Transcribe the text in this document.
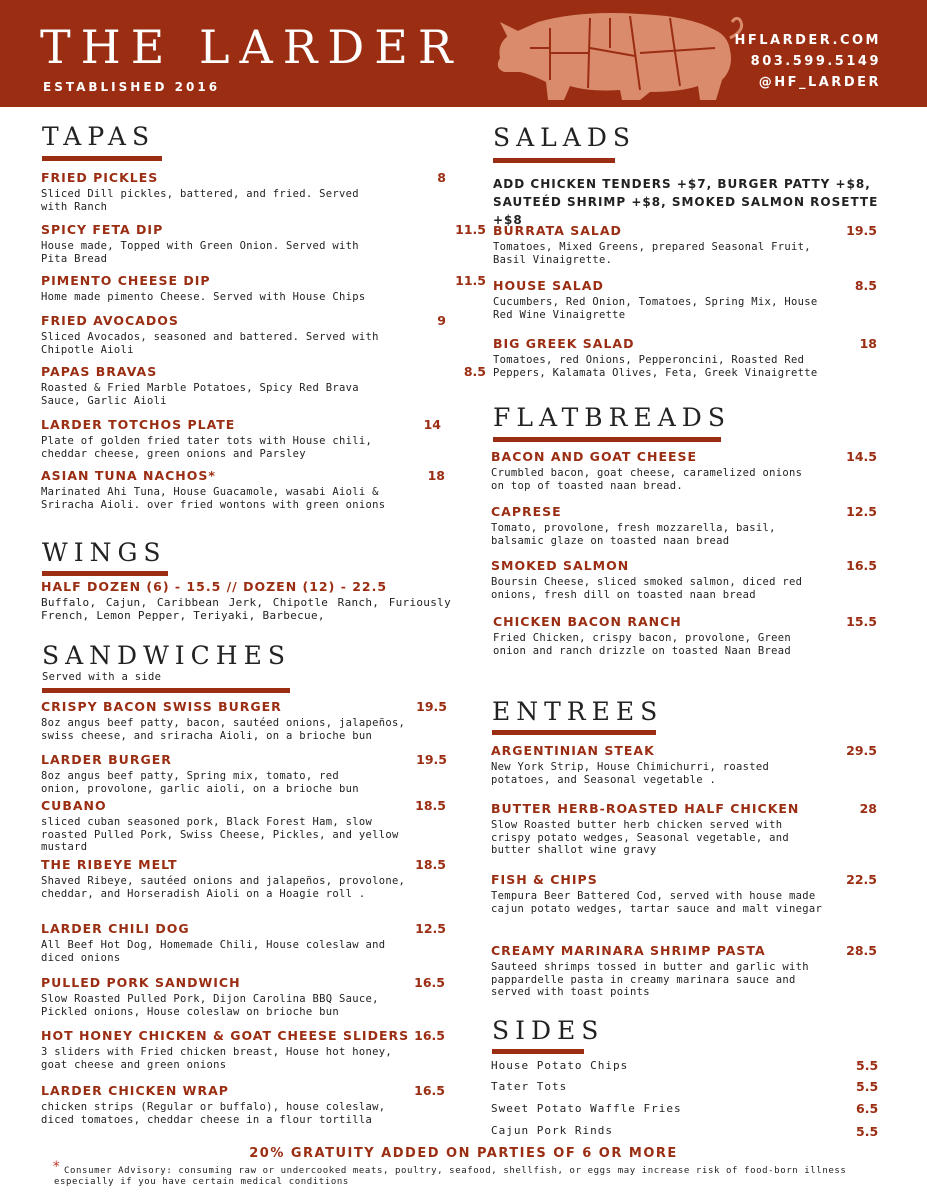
THE LARDER
ESTABLISHED 2016
HFLARDER.COM
803.599.5149
@HF_LARDER
TAPAS
FRIED PICKLES	8
Sliced Dill pickles, battered, and fried. Served with Ranch
SPICY FETA DIP	11.5
House made, Topped with Green Onion. Served with Pita Bread
PIMENTO CHEESE DIP	11.5
Home made pimento Cheese. Served with House Chips
FRIED AVOCADOS	9
Sliced Avocados, seasoned and battered. Served with Chipotle Aioli
PAPAS BRAVAS	8.5
Roasted & Fried Marble Potatoes, Spicy Red Brava Sauce, Garlic Aioli
LARDER TOTCHOS PLATE	14
Plate of golden fried tater tots with House chili, cheddar cheese, green onions and Parsley
ASIAN TUNA NACHOS*	18
Marinated Ahi Tuna, House Guacamole, wasabi Aioli & Sriracha Aioli. over fried wontons with green onions
WINGS
HALF DOZEN (6) - 15.5 // DOZEN (12) - 22.5
Buffalo, Cajun, Caribbean Jerk, Chipotle Ranch, Furiously French, Lemon Pepper, Teriyaki, Barbecue,
SANDWICHES
Served with a side
CRISPY BACON SWISS BURGER	19.5
8oz angus beef patty, bacon, sautéed onions, jalapeños, swiss cheese, and sriracha Aioli, on a brioche bun
LARDER BURGER	19.5
8oz angus beef patty, Spring mix, tomato, red onion, provolone, garlic aioli, on a brioche bun
CUBANO	18.5
sliced cuban seasoned pork, Black Forest Ham, slow roasted Pulled Pork, Swiss Cheese, Pickles, and yellow mustard
THE RIBEYE MELT	18.5
Shaved Ribeye, sautéed onions and jalapeños, provolone, cheddar, and Horseradish Aioli on a Hoagie roll .
LARDER CHILI DOG	12.5
All Beef Hot Dog, Homemade Chili, House coleslaw and diced onions
PULLED PORK SANDWICH	16.5
Slow Roasted Pulled Pork, Dijon Carolina BBQ Sauce, Pickled onions, House coleslaw on brioche bun
HOT HONEY CHICKEN & GOAT CHEESE SLIDERS 16.5
3 sliders with Fried chicken breast, House hot honey, goat cheese and green onions
LARDER CHICKEN WRAP	16.5
chicken strips (Regular or buffalo), house coleslaw, diced tomatoes, cheddar cheese in a flour tortilla
SALADS
ADD CHICKEN TENDERS +$7, BURGER PATTY +$8, SAUTEÉD SHRIMP +$8, SMOKED SALMON ROSETTE +$8
BURRATA SALAD	19.5
Tomatoes, Mixed Greens, prepared Seasonal Fruit, Basil Vinaigrette.
HOUSE SALAD	8.5
Cucumbers, Red Onion, Tomatoes, Spring Mix, House Red Wine Vinaigrette
BIG GREEK SALAD	18
Tomatoes, red Onions, Pepperoncini, Roasted Red Peppers, Kalamata Olives, Feta, Greek Vinaigrette
FLATBREADS
BACON AND GOAT CHEESE	14.5
Crumbled bacon, goat cheese, caramelized onions on top of toasted naan bread.
CAPRESE	12.5
Tomato, provolone, fresh mozzarella, basil, balsamic glaze on toasted naan bread
SMOKED SALMON	16.5
Boursin Cheese, sliced smoked salmon, diced red onions, fresh dill on toasted naan bread
CHICKEN BACON RANCH	15.5
Fried Chicken, crispy bacon, provolone, Green onion and ranch drizzle on toasted Naan Bread
ENTREES
ARGENTINIAN STEAK	29.5
New York Strip, House Chimichurri, roasted potatoes, and Seasonal vegetable .
BUTTER HERB-ROASTED HALF CHICKEN	28
Slow Roasted butter herb chicken served with crispy potato wedges, Seasonal vegetable, and butter shallot wine gravy
FISH & CHIPS	22.5
Tempura Beer Battered Cod, served with house made cajun potato wedges, tartar sauce and malt vinegar
CREAMY MARINARA SHRIMP PASTA	28.5
Sauteed shrimps tossed in butter and garlic with pappardelle pasta in creamy marinara sauce and served with toast points
SIDES
House Potato Chips	5.5
Tater Tots	5.5
Sweet Potato Waffle Fries	6.5
Cajun Pork Rinds	5.5
20% GRATUITY ADDED ON PARTIES OF 6 OR MORE
* Consumer Advisory: consuming raw or undercooked meats, poultry, seafood, shellfish, or eggs may increase risk of food-born illness especially if you have certain medical conditions
